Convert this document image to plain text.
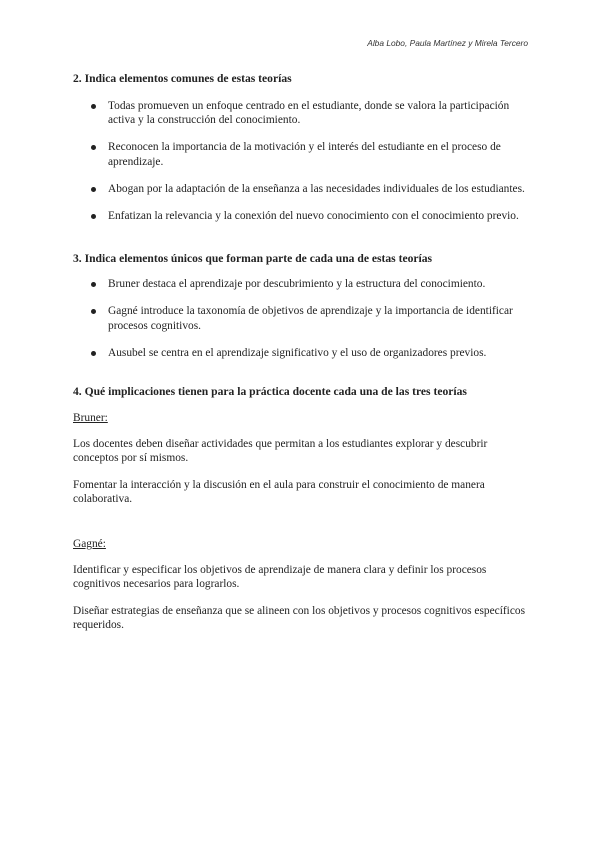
Alba Lobo, Paula Martínez y Mirela Tercero
2. Indica elementos comunes de estas teorías
Todas promueven un enfoque centrado en el estudiante, donde se valora la participación activa y la construcción del conocimiento.
Reconocen la importancia de la motivación y el interés del estudiante en el proceso de aprendizaje.
Abogan por la adaptación de la enseñanza a las necesidades individuales de los estudiantes.
Enfatizan la relevancia y la conexión del nuevo conocimiento con el conocimiento previo.
3. Indica elementos únicos que forman parte de cada una de estas teorías
Bruner destaca el aprendizaje por descubrimiento y la estructura del conocimiento.
Gagné introduce la taxonomía de objetivos de aprendizaje y la importancia de identificar procesos cognitivos.
Ausubel se centra en el aprendizaje significativo y el uso de organizadores previos.
4. Qué implicaciones tienen para la práctica docente cada una de las tres teorías

Bruner:

Los docentes deben diseñar actividades que permitan a los estudiantes explorar y descubrir conceptos por sí mismos.

Fomentar la interacción y la discusión en el aula para construir el conocimiento de manera colaborativa.

Gagné:

Identificar y especificar los objetivos de aprendizaje de manera clara y definir los procesos cognitivos necesarios para lograrlos.

Diseñar estrategias de enseñanza que se alineen con los objetivos y procesos cognitivos específicos requeridos.
